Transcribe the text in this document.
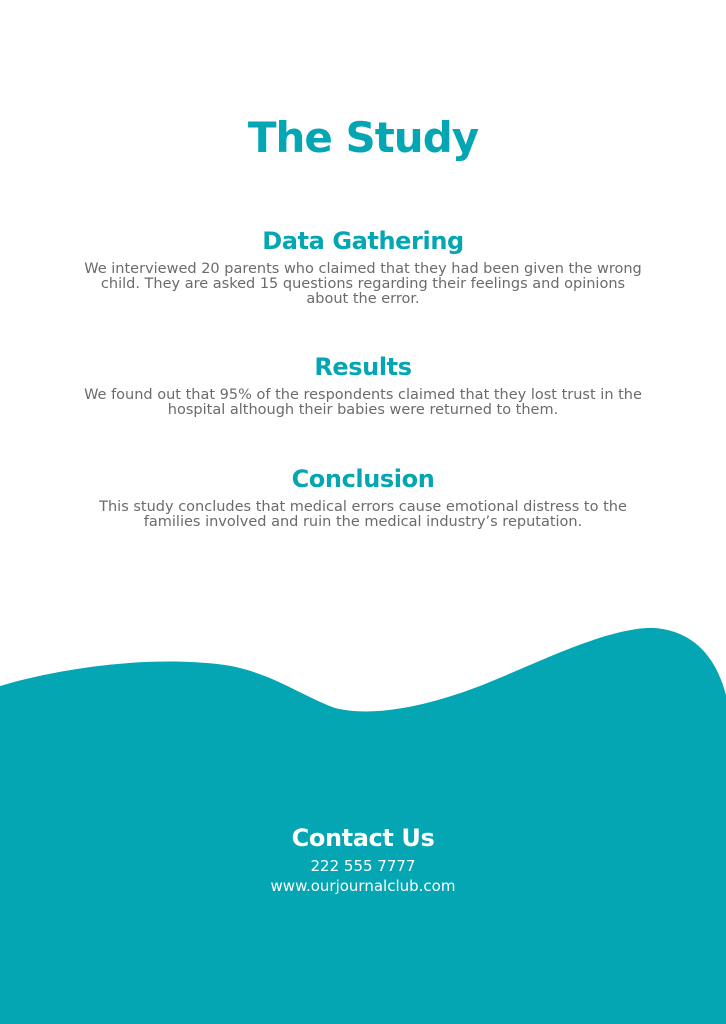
The Study
Data Gathering

We interviewed 20 parents who claimed that they had been given the wrong child. They are asked 15 questions regarding their feelings and opinions about the error.

Results

We found out that 95% of the respondents claimed that they lost trust in the hospital although their babies were returned to them.

Conclusion

This study concludes that medical errors cause emotional distress to the families involved and ruin the medical industry’s reputation.

Contact Us
222 555 7777
www.ourjournalclub.com
